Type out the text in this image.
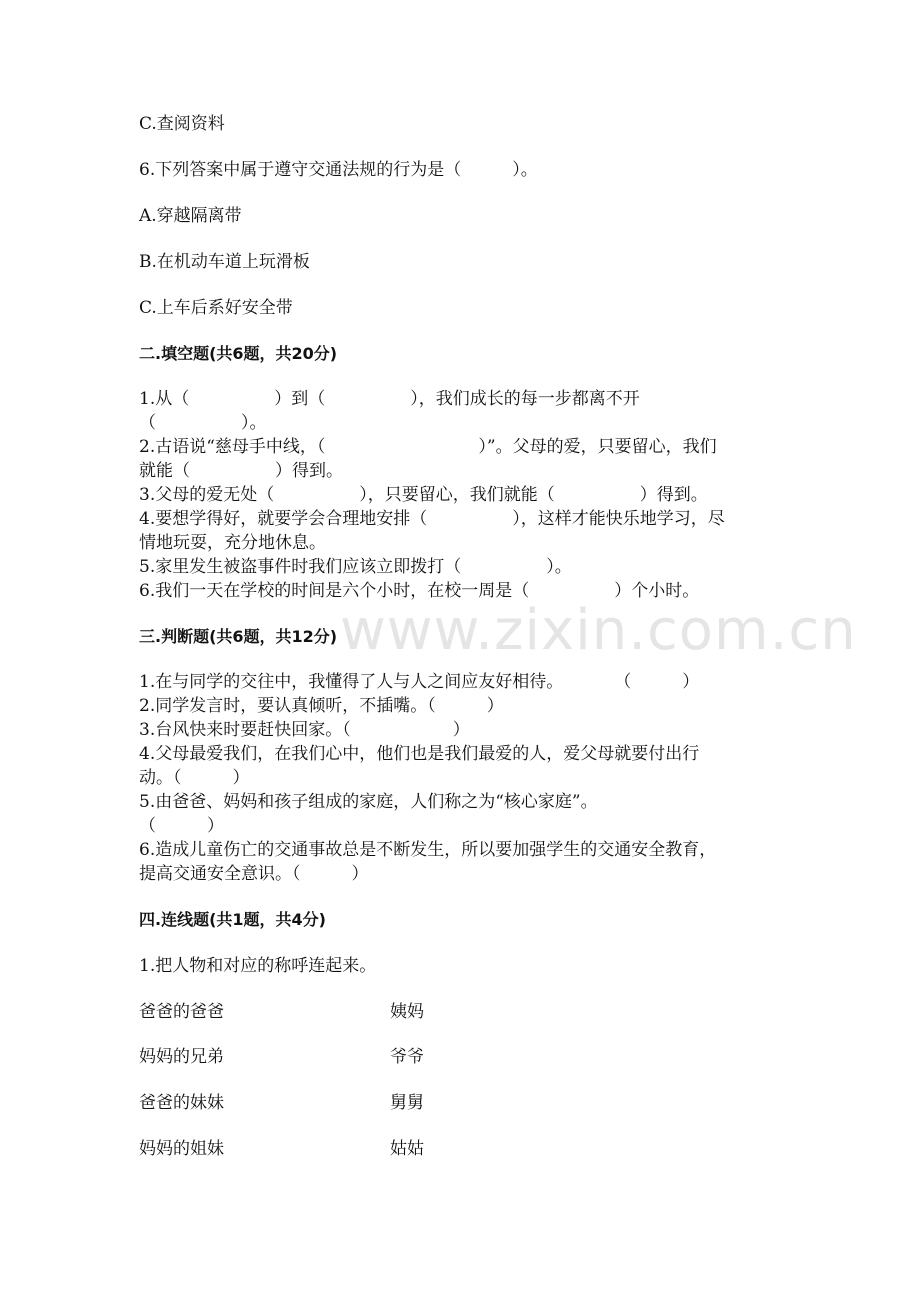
www.zixin.com.cn
C.查阅资料
6.下列答案中属于遵守交通法规的行为是（　　　）。
A.穿越隔离带
B.在机动车道上玩滑板
C.上车后系好安全带
二.填空题(共6题，共20分)
1.从（　　　　　）到（　　　　　），我们成长的每一步都离不开
（　　　　　）。
2.古语说“慈母手中线，（　　　　　　　　　）”。父母的爱，只要留心，我们
就能（　　　　　）得到。
3.父母的爱无处（　　　　　），只要留心，我们就能（　　　　　）得到。
4.要想学得好，就要学会合理地安排（　　　　　），这样才能快乐地学习，尽
情地玩耍，充分地休息。
5.家里发生被盗事件时我们应该立即拨打（　　　　　）。
6.我们一天在学校的时间是六个小时，在校一周是（　　　　　）个小时。
三.判断题(共6题，共12分)
1.在与同学的交往中，我懂得了人与人之间应友好相待。　　　　（　　　）
2.同学发言时，要认真倾听，不插嘴。（　　　）
3.台风快来时要赶快回家。（　　　　　　）
4.父母最爱我们，在我们心中，他们也是我们最爱的人，爱父母就要付出行
动。（　　　）
5.由爸爸、妈妈和孩子组成的家庭，人们称之为“核心家庭”。
（　　　）
6.造成儿童伤亡的交通事故总是不断发生，所以要加强学生的交通安全教育，
提高交通安全意识。（　　　）
四.连线题(共1题，共4分)
1.把人物和对应的称呼连起来。
爸爸的爸爸	姨妈
妈妈的兄弟	爷爷
爸爸的妹妹	舅舅
妈妈的姐妹	姑姑
